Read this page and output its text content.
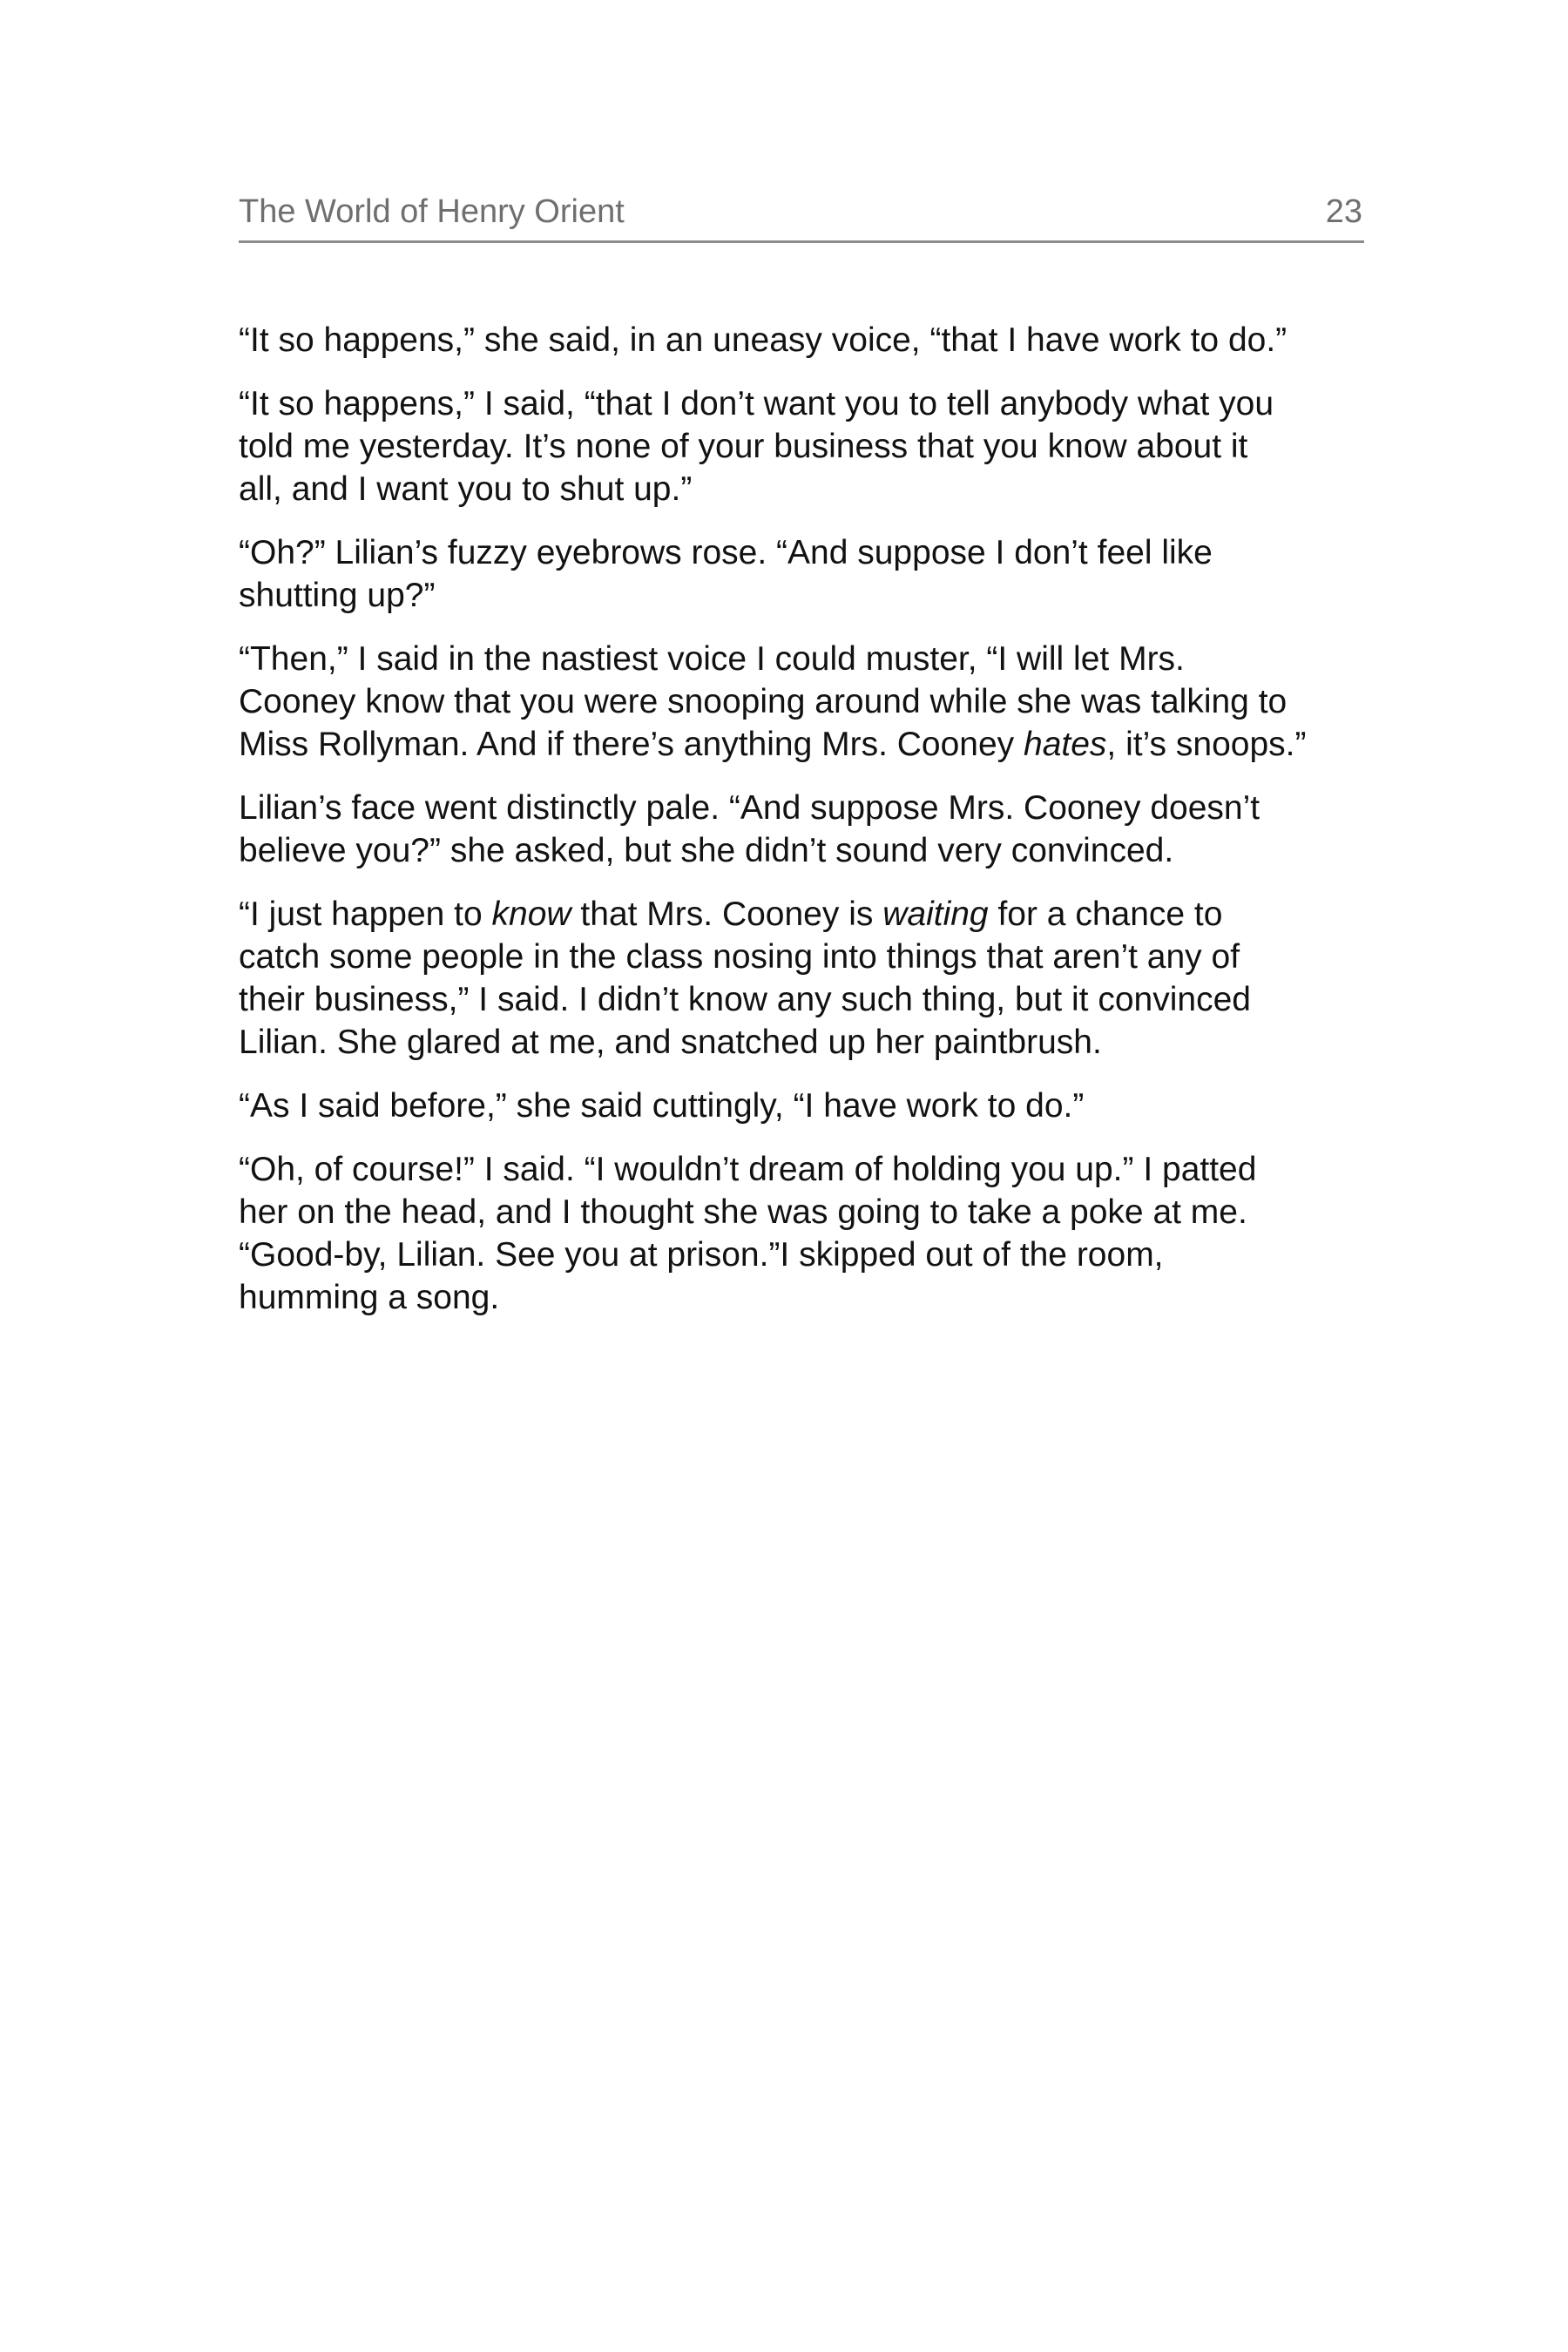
The World of Henry Orient	23

“It so happens,” she said, in an uneasy voice, “that I have work to do.”

“It so happens,” I said, “that I don’t want you to tell anybody what you
told me yesterday. It’s none of your business that you know about it
all, and I want you to shut up.”

“Oh?” Lilian’s fuzzy eyebrows rose. “And suppose I don’t feel like
shutting up?”

“Then,” I said in the nastiest voice I could muster, “I will let Mrs.
Cooney know that you were snooping around while she was talking to
Miss Rollyman. And if there’s anything Mrs. Cooney hates, it’s snoops.”

Lilian’s face went distinctly pale. “And suppose Mrs. Cooney doesn’t
believe you?” she asked, but she didn’t sound very convinced.

“I just happen to know that Mrs. Cooney is waiting for a chance to
catch some people in the class nosing into things that aren’t any of
their business,” I said. I didn’t know any such thing, but it convinced
Lilian. She glared at me, and snatched up her paintbrush.

“As I said before,” she said cuttingly, “I have work to do.”

“Oh, of course!” I said. “I wouldn’t dream of holding you up.” I patted
her on the head, and I thought she was going to take a poke at me.
“Good-by, Lilian. See you at prison.”I skipped out of the room,
humming a song.
